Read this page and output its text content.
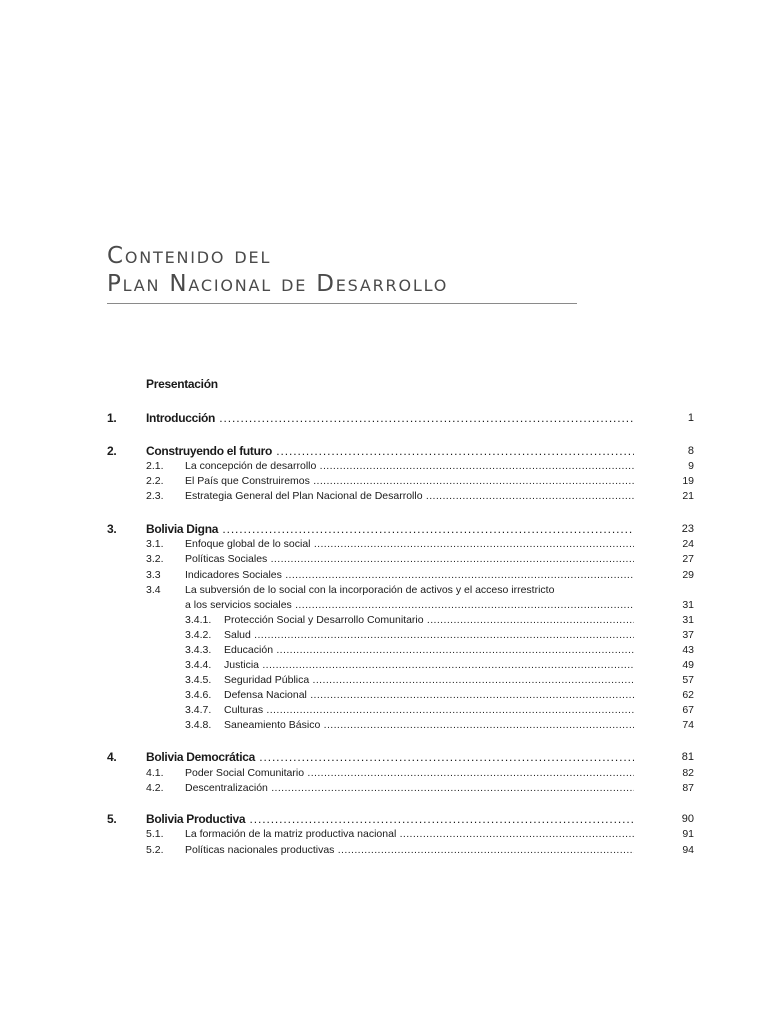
Contenido del
Plan Nacional de Desarrollo
Presentación
1. Introducción .....	1
2. Construyendo el futuro .....	8
2.1. La concepción de desarrollo .....	9
2.2. El País que Construiremos .....	19
2.3. Estrategia General del Plan Nacional de Desarrollo .....	21
3. Bolivia Digna .....	23
3.1. Enfoque global de lo social .....	24
3.2. Políticas Sociales .....	27
3.3 Indicadores Sociales .....	29
3.4 La subversión de lo social con la incorporación de activos y el acceso irrestricto
a los servicios sociales .....	31
3.4.1. Protección Social y Desarrollo Comunitario .....	31
3.4.2. Salud .....	37
3.4.3. Educación .....	43
3.4.4. Justicia .....	49
3.4.5. Seguridad Pública .....	57
3.4.6. Defensa Nacional .....	62
3.4.7. Culturas .....	67
3.4.8. Saneamiento Básico .....	74
4. Bolivia Democrática .....	81
4.1. Poder Social Comunitario .....	82
4.2. Descentralización .....	87
5. Bolivia Productiva .....	90
5.1. La formación de la matriz productiva nacional .....	91
5.2. Políticas nacionales productivas .....	94
